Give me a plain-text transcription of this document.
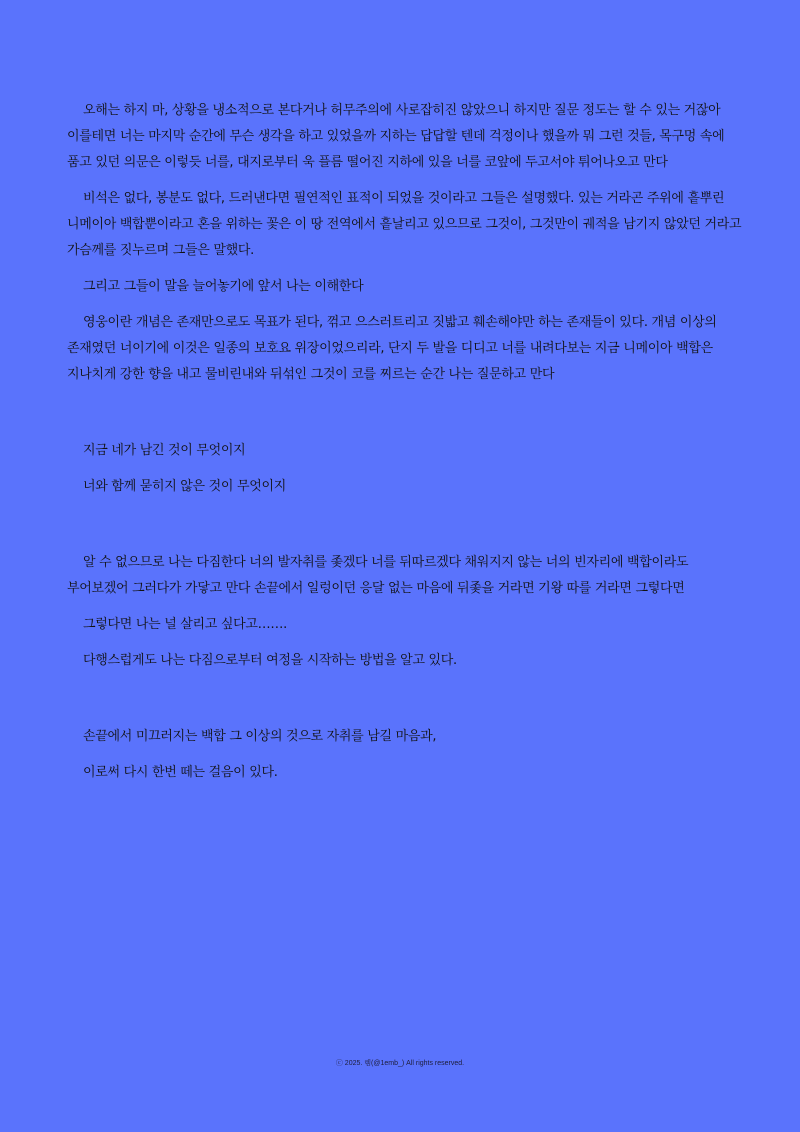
오해는 하지 마, 상황을 냉소적으로 본다거나 허무주의에 사로잡히진 않았으니 하지만 질문 정도는 할 수 있는 거잖아 이를테면 너는 마지막 순간에 무슨 생각을 하고 있었을까 지하는 답답할 텐데 걱정이나 했을까 뭐 그런 것들, 목구멍 속에 품고 있던 의문은 이렇듯 너를, 대지로부터 욱 플름 떨어진 지하에 있을 너를 코앞에 두고서야 튀어나오고 만다

비석은 없다, 봉분도 없다, 드러낸다면 필연적인 표적이 되었을 것이라고 그들은 설명했다. 있는 거라곤 주위에 흩뿌린 니메이아 백합뿐이라고 혼을 위하는 꽃은 이 땅 전역에서 흩날리고 있으므로 그것이, 그것만이 궤적을 남기지 않았던 거라고 가슴께를 짓누르며 그들은 말했다.

그리고 그들이 말을 늘어놓기에 앞서 나는 이해한다

영웅이란 개념은 존재만으로도 목표가 된다, 꺾고 으스러트리고 짓밟고 훼손해야만 하는 존재들이 있다. 개념 이상의 존재였던 너이기에 이것은 일종의 보호요 위장이었으리라, 단지 두 발을 디디고 너를 내려다보는 지금 니메이아 백합은 지나치게 강한 향을 내고 물비린내와 뒤섞인 그것이 코를 찌르는 순간 나는 질문하고 만다

지금 네가 남긴 것이 무엇이지

너와 함께 묻히지 않은 것이 무엇이지

알 수 없으므로 나는 다짐한다 너의 발자취를 좇겠다 너를 뒤따르겠다 채워지지 않는 너의 빈자리에 백합이라도 부어보겠어 그러다가 가닿고 만다 손끝에서 일렁이던 응달 없는 마음에 뒤좇을 거라면 기왕 따를 거라면 그렇다면

그렇다면 나는 널 살리고 싶다고…….

다행스럽게도 나는 다짐으로부터 여정을 시작하는 방법을 알고 있다.

손끝에서 미끄러지는 백합 그 이상의 것으로 자취를 남길 마음과,

이로써 다시 한번 떼는 걸음이 있다.

ⓒ 2025. 렘(@1emb_) All rights reserved.
